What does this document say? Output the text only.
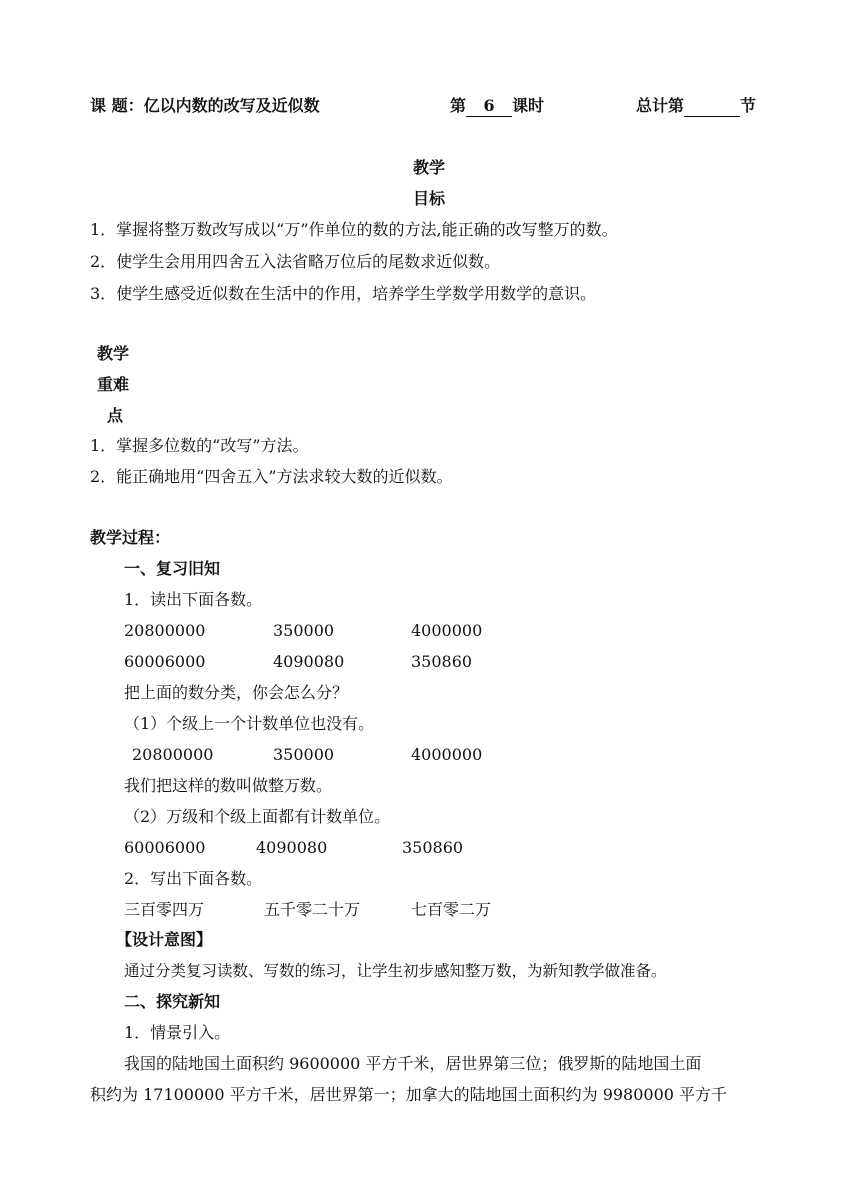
课 题：亿以内数的改写及近似数	第 6 课时	总计第	节
教学
目标
1．掌握将整万数改写成以“万”作单位的数的方法,能正确的改写整万的数。
2．使学生会用用四舍五入法省略万位后的尾数求近似数。
3．使学生感受近似数在生活中的作用，培养学生学数学用数学的意识。
教学
重难
点
1．掌握多位数的“改写”方法。
2．能正确地用“四舍五入”方法求较大数的近似数。
教学过程：
一、复习旧知
1．读出下面各数。
20800000	350000	4000000
60006000	4090080	350860
把上面的数分类，你会怎么分？
（1）个级上一个计数单位也没有。
20800000	350000	4000000
我们把这样的数叫做整万数。
（2）万级和个级上面都有计数单位。
60006000	4090080	350860
2．写出下面各数。
三百零四万	五千零二十万	七百零二万
【设计意图】
通过分类复习读数、写数的练习，让学生初步感知整万数，为新知教学做准备。
二、探究新知
1．情景引入。
我国的陆地国土面积约 9600000 平方千米，居世界第三位；俄罗斯的陆地国土面
积约为 17100000 平方千米，居世界第一；加拿大的陆地国土面积约为 9980000 平方千
